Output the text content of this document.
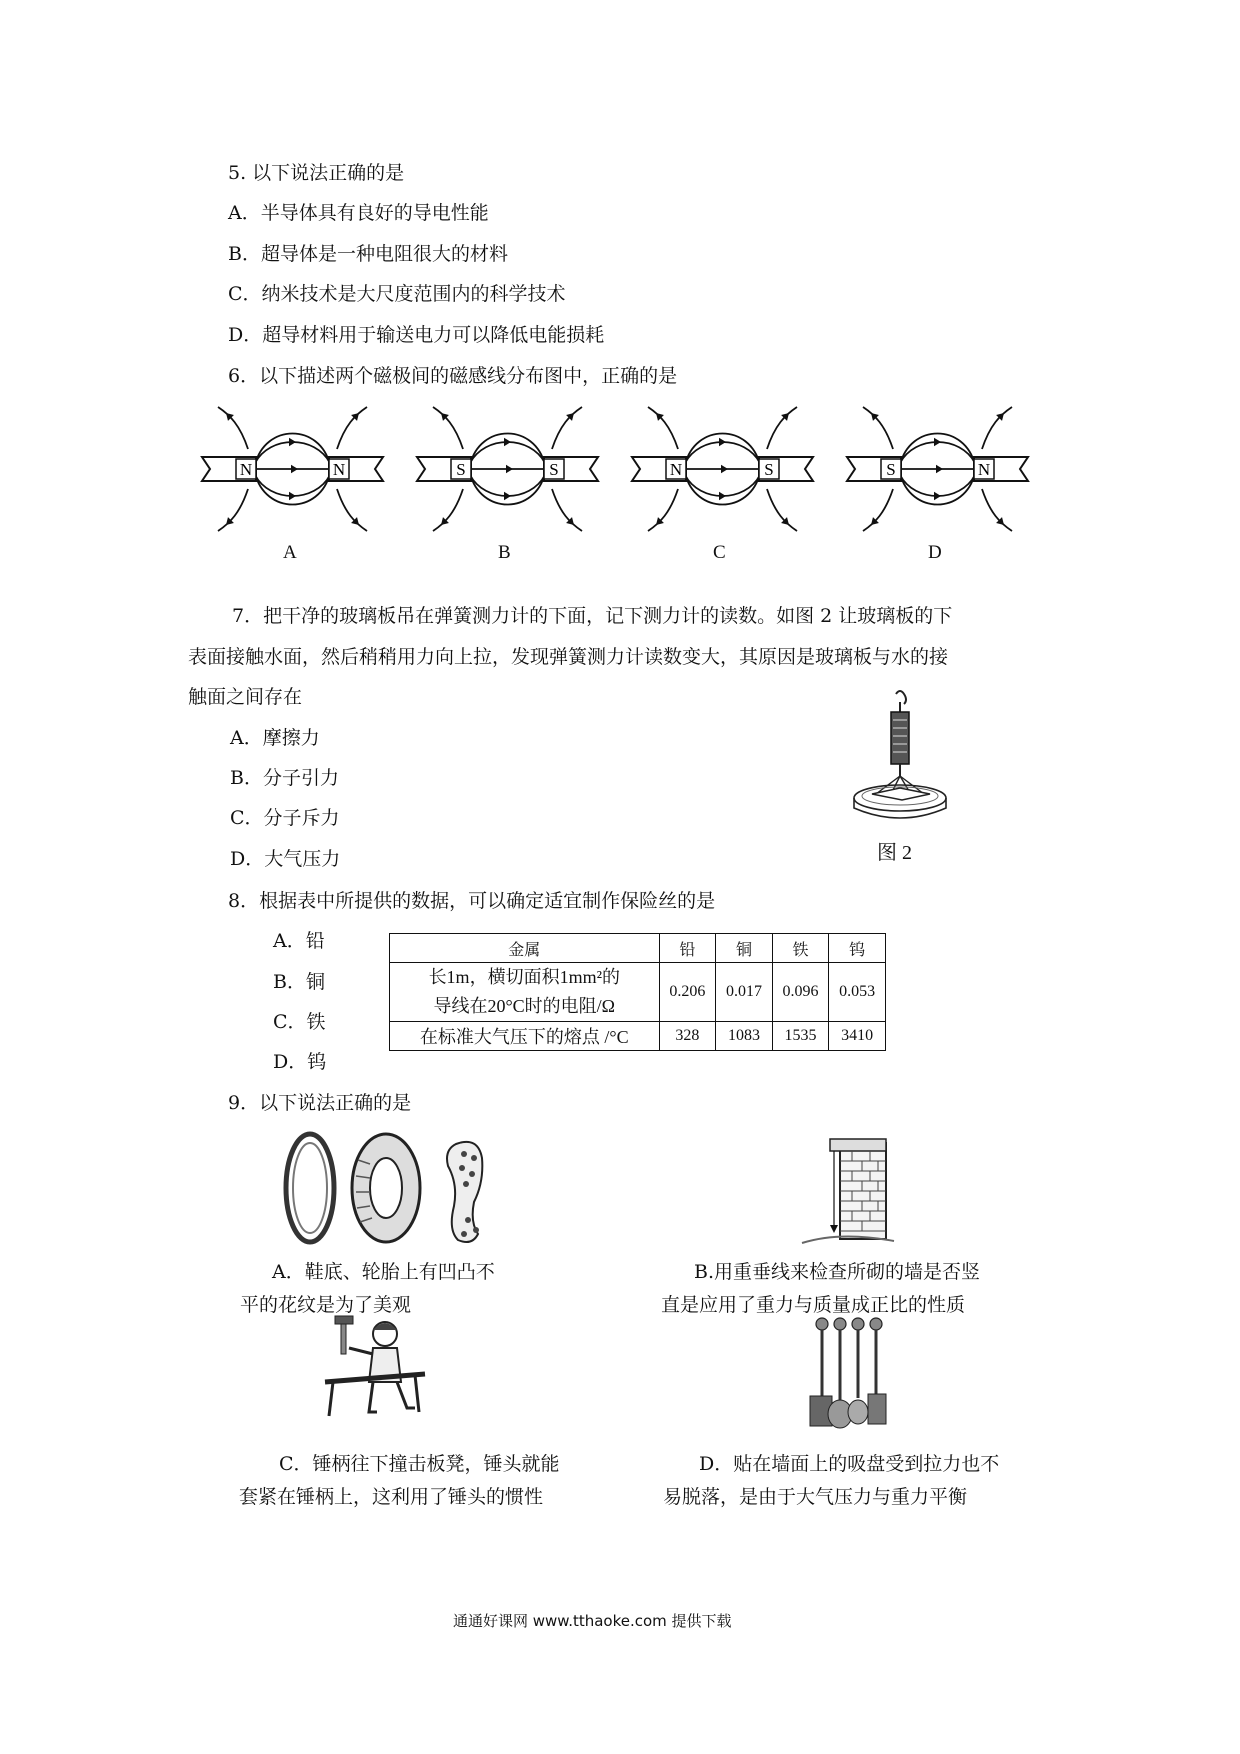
5. 以下说法正确的是
A．半导体具有良好的导电性能
B．超导体是一种电阻很大的材料
C．纳米技术是大尺度范围内的科学技术
D．超导材料用于输送电力可以降低电能损耗
6．以下描述两个磁极间的磁感线分布图中，正确的是
N	N
A
S	S
B
N	S
C
S	N
D
7．把干净的玻璃板吊在弹簧测力计的下面，记下测力计的读数。如图 2 让玻璃板的下
表面接触水面，然后稍稍用力向上拉，发现弹簧测力计读数变大，其原因是玻璃板与水的接
触面之间存在
A．摩擦力
B．分子引力
C．分子斥力
D．大气压力	图 2
8．根据表中所提供的数据，可以确定适宜制作保险丝的是
A．铅
B．铜
C．铁
D．钨
金属	铅	铜	铁	钨

长1m，横切面积1mm²的
导线在20°C时的电阻/Ω	0.206	0.017	0.096	0.053
在标准大气压下的熔点 /°C	328	1083	1535	3410
9．以下说法正确的是
A．鞋底、轮胎上有凹凸不
平的花纹是为了美观
B.用重垂线来检查所砌的墙是否竖
直是应用了重力与质量成正比的性质
C．锤柄往下撞击板凳，锤头就能
套紧在锤柄上，这利用了锤头的惯性
D．贴在墙面上的吸盘受到拉力也不
易脱落，是由于大气压力与重力平衡
通通好课网 www.tthaoke.com 提供下载
